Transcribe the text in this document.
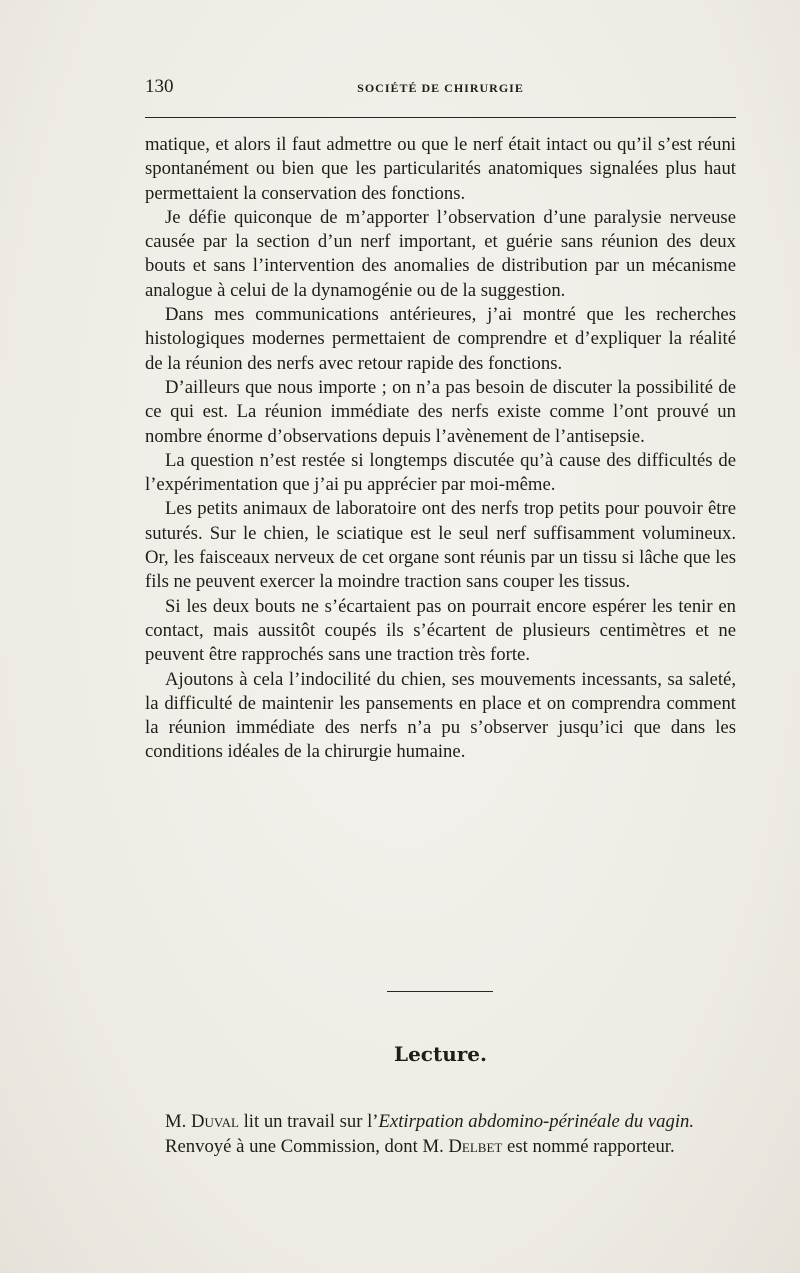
130	SOCIÉTÉ DE CHIRURGIE

matique, et alors il faut admettre ou que le nerf était intact ou qu’il s’est réuni spontanément ou bien que les particularités anatomiques signalées plus haut permettaient la conservation des fonctions.

Je défie quiconque de m’apporter l’observation d’une paralysie nerveuse causée par la section d’un nerf important, et guérie sans réunion des deux bouts et sans l’intervention des anomalies de distribution par un mécanisme analogue à celui de la dynamogénie ou de la suggestion.

Dans mes communications antérieures, j’ai montré que les recherches histologiques modernes permettaient de comprendre et d’expliquer la réalité de la réunion des nerfs avec retour rapide des fonctions.

D’ailleurs que nous importe ; on n’a pas besoin de discuter la possibilité de ce qui est. La réunion immédiate des nerfs existe comme l’ont prouvé un nombre énorme d’observations depuis l’avènement de l’antisepsie.

La question n’est restée si longtemps discutée qu’à cause des difficultés de l’expérimentation que j’ai pu apprécier par moi-même.

Les petits animaux de laboratoire ont des nerfs trop petits pour pouvoir être suturés. Sur le chien, le sciatique est le seul nerf suffisamment volumineux. Or, les faisceaux nerveux de cet organe sont réunis par un tissu si lâche que les fils ne peuvent exercer la moindre traction sans couper les tissus.

Si les deux bouts ne s’écartaient pas on pourrait encore espérer les tenir en contact, mais aussitôt coupés ils s’écartent de plusieurs centimètres et ne peuvent être rapprochés sans une traction très forte.

Ajoutons à cela l’indocilité du chien, ses mouvements incessants, sa saleté, la difficulté de maintenir les pansements en place et on comprendra comment la réunion immédiate des nerfs n’a pu s’observer jusqu’ici que dans les conditions idéales de la chirurgie humaine.

Lecture.

M. Duval lit un travail sur l’Extirpation abdomino-périnéale du vagin.

Renvoyé à une Commission, dont M. Delbet est nommé rapporteur.
